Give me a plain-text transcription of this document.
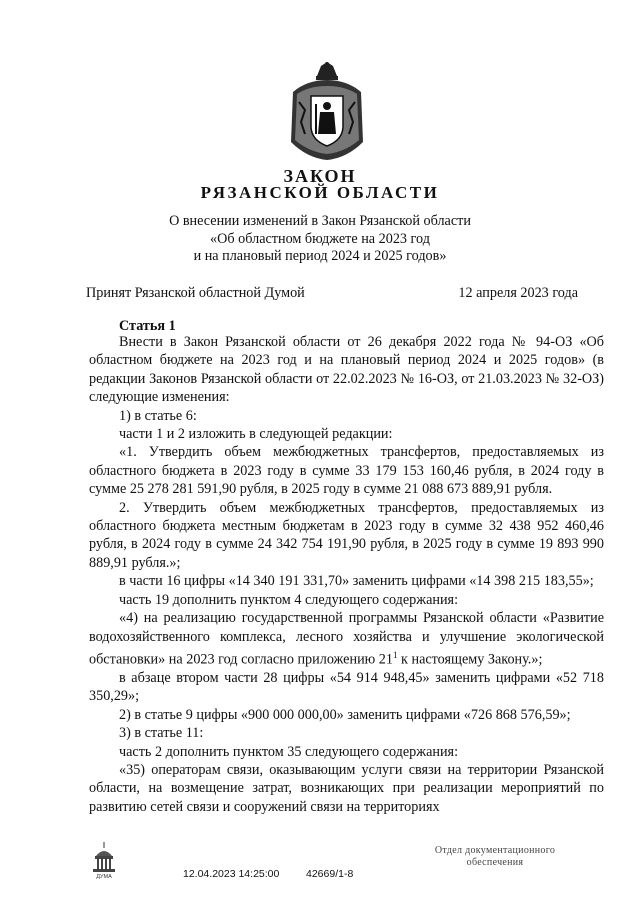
ЗАКОН
РЯЗАНСКОЙ ОБЛАСТИ
О внесении изменений в Закон Рязанской области
«Об областном бюджете на 2023 год
и на плановый период 2024 и 2025 годов»
Принят Рязанской областной Думой	12 апреля 2023 года
Статья 1

Внести в Закон Рязанской области от 26 декабря 2022 года № 94-ОЗ «Об областном бюджете на 2023 год и на плановый период 2024 и 2025 годов» (в редакции Законов Рязанской области от 22.02.2023 № 16-ОЗ, от 21.03.2023 № 32-ОЗ) следующие изменения:

1) в статье 6:

части 1 и 2 изложить в следующей редакции:

«1. Утвердить объем межбюджетных трансфертов, предоставляемых из областного бюджета в 2023 году в сумме 33 179 153 160,46 рубля, в 2024 году в сумме 25 278 281 591,90 рубля, в 2025 году в сумме 21 088 673 889,91 рубля.

2. Утвердить объем межбюджетных трансфертов, предоставляемых из областного бюджета местным бюджетам в 2023 году в сумме 32 438 952 460,46 рубля, в 2024 году в сумме 24 342 754 191,90 рубля, в 2025 году в сумме 19 893 990 889,91 рубля.»;

в части 16 цифры «14 340 191 331,70» заменить цифрами «14 398 215 183,55»;

часть 19 дополнить пунктом 4 следующего содержания:

«4) на реализацию государственной программы Рязанской области «Развитие водохозяйственного комплекса, лесного хозяйства и улучшение экологической обстановки» на 2023 год согласно приложению $21^1$ к настоящему Закону.»;

в абзаце втором части 28 цифры «54 914 948,45» заменить цифрами «52 718 350,29»;

2) в статье 9 цифры «900 000 000,00» заменить цифрами «726 868 576,59»;

3) в статье 11:

часть 2 дополнить пунктом 35 следующего содержания:

«35) операторам связи, оказывающим услуги связи на территории Рязанской области, на возмещение затрат, возникающих при реализации мероприятий по развитию сетей связи и сооружений связи на территориях

ДУМА	12.04.2023 14:25:00	42669/1-8
Отдел документационного
обеспечения
